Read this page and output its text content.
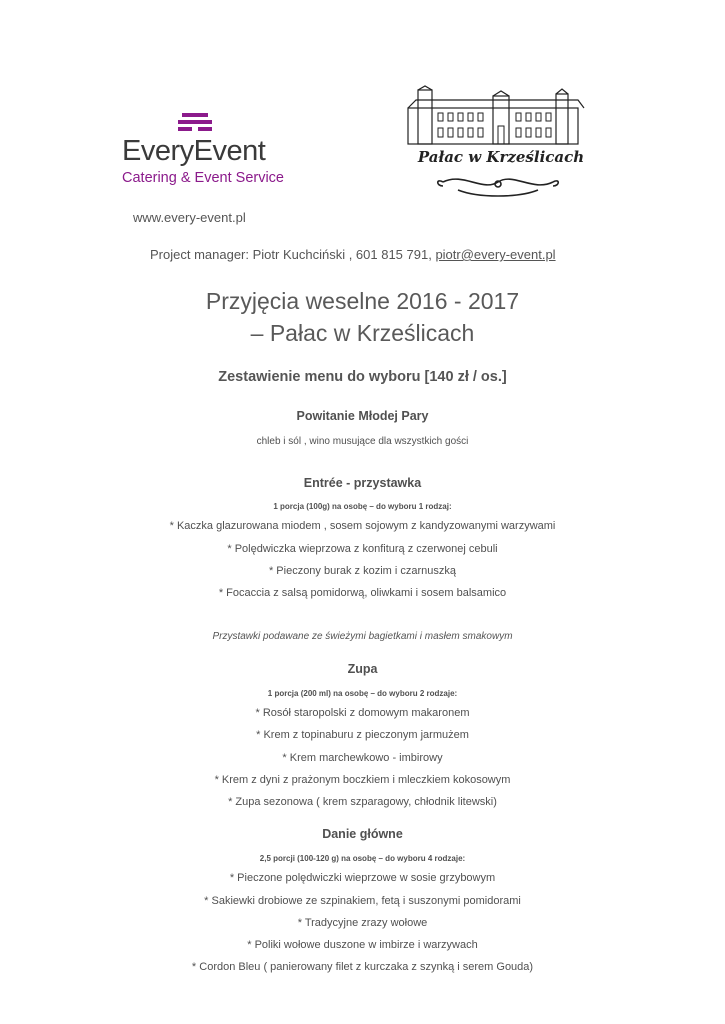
EveryEvent
Catering & Event Service
Pałac w Krześlicach
www.every-event.pl
Project manager: Piotr Kuchciński , 601 815 791, piotr@every-event.pl
Przyjęcia weselne 2016 - 2017
– Pałac w Krześlicach
Zestawienie menu do wyboru [140 zł / os.]
Powitanie Młodej Pary
chleb i sól , wino musujące dla wszystkich gości
Entrée - przystawka
1 porcja (100g) na osobę – do wyboru 1 rodzaj:
* Kaczka glazurowana miodem , sosem sojowym z kandyzowanymi warzywami
* Polędwiczka wieprzowa z konfiturą z czerwonej cebuli
* Pieczony burak z kozim i czarnuszką
* Focaccia z salsą pomidorwą, oliwkami i sosem balsamico
Przystawki podawane ze świeżymi bagietkami i masłem smakowym
Zupa
1 porcja (200 ml) na osobę – do wyboru 2 rodzaje:
* Rosół staropolski z domowym makaronem
* Krem z topinaburu z pieczonym jarmużem
* Krem marchewkowo - imbirowy
* Krem z dyni z prażonym boczkiem i mleczkiem kokosowym
* Zupa sezonowa ( krem szparagowy, chłodnik litewski)
Danie główne
2,5 porcji (100-120 g) na osobę – do wyboru 4 rodzaje:
* Pieczone polędwiczki wieprzowe w sosie grzybowym
* Sakiewki drobiowe ze szpinakiem, fetą i suszonymi pomidorami
* Tradycyjne zrazy wołowe
* Poliki wołowe duszone w imbirze i warzywach
* Cordon Bleu ( panierowany filet z kurczaka z szynką i serem Gouda)
